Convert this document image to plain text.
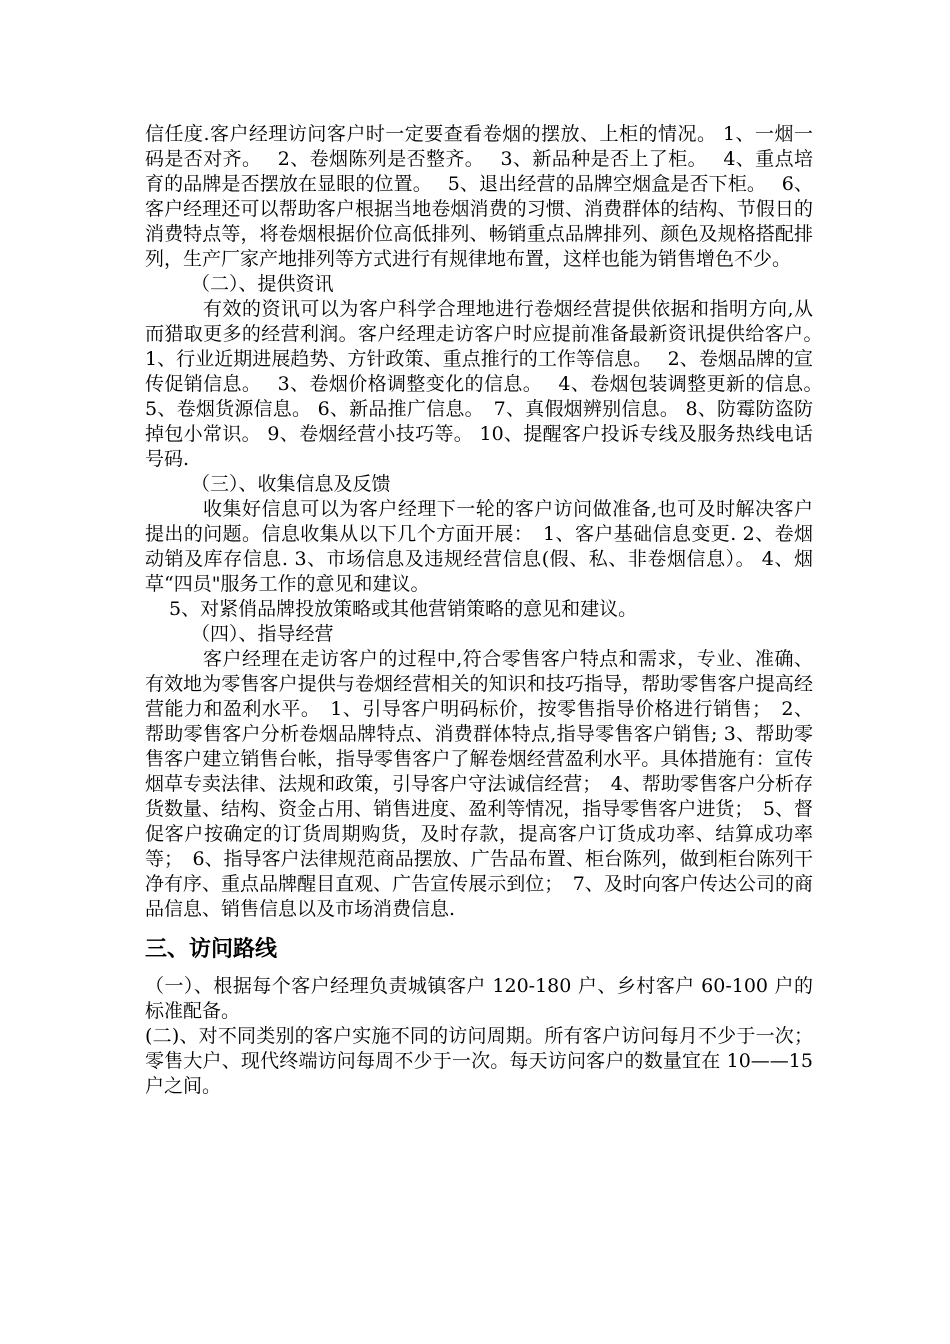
信任度.客户经理访问客户时一定要查看卷烟的摆放、上柜的情况。 1、一烟一码是否对齐。　 2、卷烟陈列是否整齐。　 3、新品种是否上了柜。　 4、重点培育的品牌是否摆放在显眼的位置。　 5、退出经营的品牌空烟盒是否下柜。　 6、客户经理还可以帮助客户根据当地卷烟消费的习惯、消费群体的结构、节假日的消费特点等，将卷烟根据价位高低排列、畅销重点品牌排列、颜色及规格搭配排列，生产厂家产地排列等方式进行有规律地布置，这样也能为销售增色不少。

（二）、提供资讯

有效的资讯可以为客户科学合理地进行卷烟经营提供依据和指明方向,从而猎取更多的经营利润。客户经理走访客户时应提前准备最新资讯提供给客户。　 1、行业近期进展趋势、方针政策、重点推行的工作等信息。　 2、卷烟品牌的宣传促销信息。　 3、卷烟价格调整变化的信息。　 4、卷烟包装调整更新的信息。　 5、卷烟货源信息。 6、新品推广信息。　7、真假烟辨别信息。 8、防霉防盗防掉包小常识。 9、卷烟经营小技巧等。 10、提醒客户投诉专线及服务热线电话号码.

（三）、收集信息及反馈

收集好信息可以为客户经理下一轮的客户访问做准备,也可及时解决客户提出的问题。信息收集从以下几个方面开展：　1、客户基础信息变更. 2、卷烟动销及库存信息. 3、市场信息及违规经营信息(假、私、非卷烟信息）。 4、烟草“四员"服务工作的意见和建议。

5、对紧俏品牌投放策略或其他营销策略的意见和建议。

（四）、指导经营

客户经理在走访客户的过程中,符合零售客户特点和需求，专业、准确、有效地为零售客户提供与卷烟经营相关的知识和技巧指导，帮助零售客户提高经营能力和盈利水平。　1、引导客户明码标价，按零售指导价格进行销售；　2、帮助零售客户分析卷烟品牌特点、消费群体特点,指导零售客户销售; 3、帮助零售客户建立销售台帐，指导零售客户了解卷烟经营盈利水平。具体措施有：宣传烟草专卖法律、法规和政策，引导客户守法诚信经营；　4、帮助零售客户分析存货数量、结构、资金占用、销售进度、盈利等情况，指导零售客户进货；　5、督促客户按确定的订货周期购货，及时存款，提高客户订货成功率、结算成功率等；　6、指导客户法律规范商品摆放、广告品布置、柜台陈列，做到柜台陈列干净有序、重点品牌醒目直观、广告宣传展示到位；　7、及时向客户传达公司的商品信息、销售信息以及市场消费信息.

三、访问路线

（一）、根据每个客户经理负责城镇客户 120-180 户、乡村客户 60-100 户的标准配备。

(二)、对不同类别的客户实施不同的访问周期。所有客户访问每月不少于一次；零售大户、现代终端访问每周不少于一次。每天访问客户的数量宜在 10——15 户之间。
